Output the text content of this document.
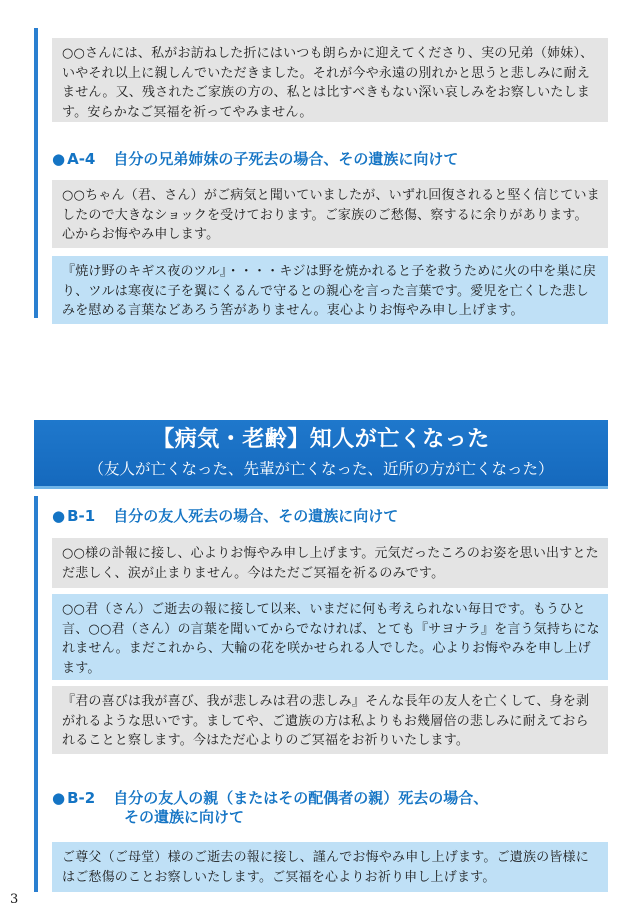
○○さんには、私がお訪ねした折にはいつも朗らかに迎えてくださり、実の兄弟（姉妹）、いやそれ以上に親しんでいただきました。それが今や永遠の別れかと思うと悲しみに耐えません。又、残されたご家族の方の、私とは比すべきもない深い哀しみをお察しいたします。安らかなご冥福を祈ってやみません。
● A-4 自分の兄弟姉妹の子死去の場合、その遺族に向けて
○○ちゃん（君、さん）がご病気と聞いていましたが、いずれ回復されると堅く信じていましたので大きなショックを受けております。ご家族のご愁傷、察するに余りがあります。心からお悔やみ申します。
『焼け野のキギス夜のツル』・・・・キジは野を焼かれると子を救うために火の中を巣に戻り、ツルは寒夜に子を翼にくるんで守るとの親心を言った言葉です。愛児を亡くした悲しみを慰める言葉などあろう筈がありません。衷心よりお悔やみ申し上げます。
【病気・老齢】知人が亡くなった
（友人が亡くなった、先輩が亡くなった、近所の方が亡くなった）
● B-1 自分の友人死去の場合、その遺族に向けて
○○様の訃報に接し、心よりお悔やみ申し上げます。元気だったころのお姿を思い出すとただ悲しく、涙が止まりません。今はただご冥福を祈るのみです。
○○君（さん）ご逝去の報に接して以来、いまだに何も考えられない毎日です。もうひと言、○○君（さん）の言葉を聞いてからでなければ、とても『サヨナラ』を言う気持ちになれません。まだこれから、大輪の花を咲かせられる人でした。心よりお悔やみを申し上げます。
『君の喜びは我が喜び、我が悲しみは君の悲しみ』そんな長年の友人を亡くして、身を剥がれるような思いです。ましてや、ご遺族の方は私よりもお幾層倍の悲しみに耐えておられることと察します。今はただ心よりのご冥福をお祈りいたします。
● B-2 自分の友人の親（またはその配偶者の親）死去の場合、
その遺族に向けて
ご尊父（ご母堂）様のご逝去の報に接し、謹んでお悔やみ申し上げます。ご遺族の皆様にはご愁傷のことお察しいたします。ご冥福を心よりお祈り申し上げます。
3
